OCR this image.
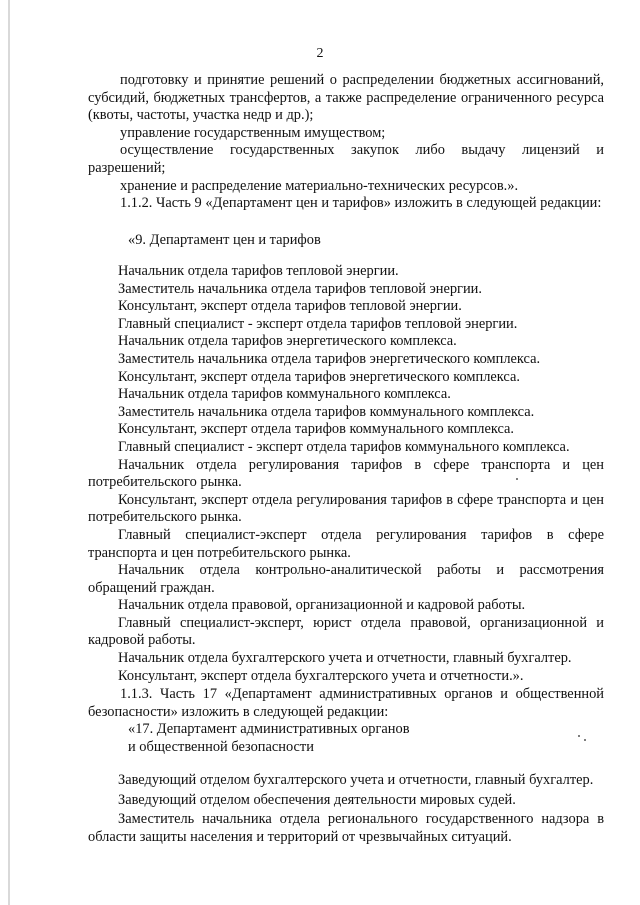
2

подготовку и принятие решений о распределении бюджетных ассигнований, субсидий, бюджетных трансфертов, а также распределение ограниченного ресурса (квоты, частоты, участка недр и др.);

управление государственным имуществом;

осуществление государственных закупок либо выдачу лицензий и разрешений;

хранение и распределение материально-технических ресурсов.».

1.1.2. Часть 9 «Департамент цен и тарифов» изложить в следующей редакции:

«9. Департамент цен и тарифов

Начальник отдела тарифов тепловой энергии.

Заместитель начальника отдела тарифов тепловой энергии.

Консультант, эксперт отдела тарифов тепловой энергии.

Главный специалист - эксперт отдела тарифов тепловой энергии.

Начальник отдела тарифов энергетического комплекса.

Заместитель начальника отдела тарифов энергетического комплекса.

Консультант, эксперт отдела тарифов энергетического комплекса.

Начальник отдела тарифов коммунального комплекса.

Заместитель начальника отдела тарифов коммунального комплекса.

Консультант, эксперт отдела тарифов коммунального комплекса.

Главный специалист - эксперт отдела тарифов коммунального комплекса.

Начальник отдела регулирования тарифов в сфере транспорта и цен потребительского рынка.

Консультант, эксперт отдела регулирования тарифов в сфере транспорта и цен потребительского рынка.

Главный специалист-эксперт отдела регулирования тарифов в сфере транспорта и цен потребительского рынка.

Начальник отдела контрольно-аналитической работы и рассмотрения обращений граждан.

Начальник отдела правовой, организационной и кадровой работы.

Главный специалист-эксперт, юрист отдела правовой, организационной и кадровой работы.

Начальник отдела бухгалтерского учета и отчетности, главный бухгалтер.

Консультант, эксперт отдела бухгалтерского учета и отчетности.».

1.1.3. Часть 17 «Департамент административных органов и общественной безопасности» изложить в следующей редакции:

«17. Департамент административных органов

и общественной безопасности

Заведующий отделом бухгалтерского учета и отчетности, главный бухгалтер.

Заведующий отделом обеспечения деятельности мировых судей.

Заместитель начальника отдела регионального государственного надзора в области защиты населения и территорий от чрезвычайных ситуаций.
